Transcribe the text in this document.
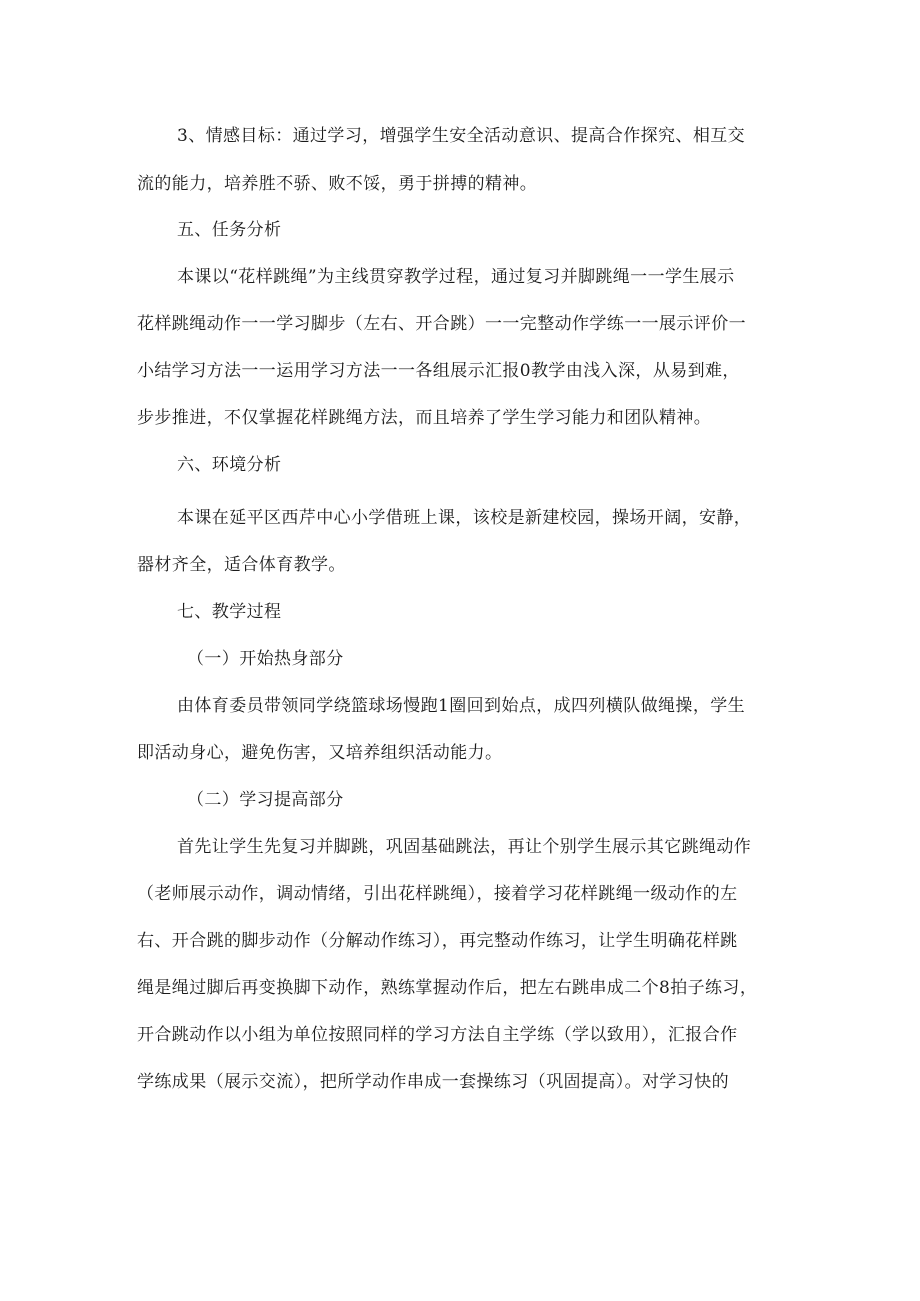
3、情感目标：通过学习，增强学生安全活动意识、提高合作探究、相互交
流的能力，培养胜不骄、败不馁，勇于拼搏的精神。
五、任务分析
本课以“花样跳绳”为主线贯穿教学过程，通过复习并脚跳绳一一学生展示
花样跳绳动作一一学习脚步（左右、开合跳）一一完整动作学练一一展示评价一
小结学习方法一一运用学习方法一一各组展示汇报0教学由浅入深，从易到难，
步步推进，不仅掌握花样跳绳方法，而且培养了学生学习能力和团队精神。
六、环境分析
本课在延平区西芹中心小学借班上课，该校是新建校园，操场开阔，安静，
器材齐全，适合体育教学。
七、教学过程
（一）开始热身部分
由体育委员带领同学绕篮球场慢跑1圈回到始点，成四列横队做绳操，学生
即活动身心，避免伤害，又培养组织活动能力。
（二）学习提高部分
首先让学生先复习并脚跳，巩固基础跳法，再让个别学生展示其它跳绳动作
（老师展示动作，调动情绪，引出花样跳绳），接着学习花样跳绳一级动作的左
右、开合跳的脚步动作（分解动作练习），再完整动作练习，让学生明确花样跳
绳是绳过脚后再变换脚下动作，熟练掌握动作后，把左右跳串成二个8拍子练习，
开合跳动作以小组为单位按照同样的学习方法自主学练（学以致用），汇报合作
学练成果（展示交流），把所学动作串成一套操练习（巩固提高）。对学习快的
